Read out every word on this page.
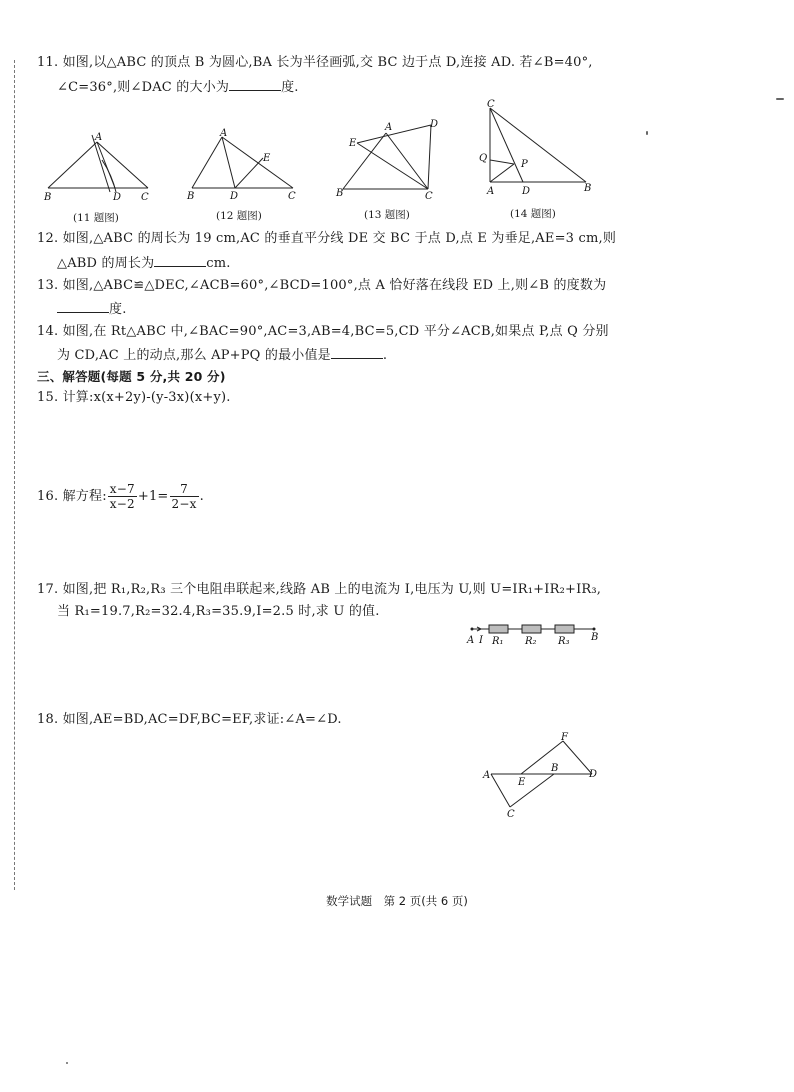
11. 如图,以△ABC 的顶点 B 为圆心,BA 长为半径画弧,交 BC 边于点 D,连接 AD. 若∠B=40°,
∠C=36°,则∠DAC 的大小为	度.
A
B	D C
(11 题图)
A
E
B	D	C
(12 题图)
A	D
E
B	C
(13 题图)
C
Q
P
A	D	B
(14 题图)
12. 如图,△ABC 的周长为 19 cm,AC 的垂直平分线 DE 交 BC 于点 D,点 E 为垂足,AE=3 cm,则
△ABD 的周长为	cm.
13. 如图,△ABC≌△DEC,∠ACB=60°,∠BCD=100°,点 A 恰好落在线段 ED 上,则∠B 的度数为
度.
14. 如图,在 Rt△ABC 中,∠BAC=90°,AC=3,AB=4,BC=5,CD 平分∠ACB,如果点 P,点 Q 分别
为 CD,AC 上的动点,那么 AP+PQ 的最小值是	.
三、解答题(每题 5 分,共 20 分)
15. 计算:x(x+2y)-(y-3x)(x+y).
16. 解方程: $\frac{x-7}{x-2} +1= \frac{7}{2-x}$ .
17. 如图,把 R₁,R₂,R₃ 三个电阻串联起来,线路 AB 上的电流为 I,电压为 U,则 U=IR₁+IR₂+IR₃,
当 R₁=19.7,R₂=32.4,R₃=35.9,I=2.5 时,求 U 的值.
A I R₁ R₂ R₃ B
18. 如图,AE=BD,AC=DF,BC=EF,求证:∠A=∠D.
F
A
B
E
D
C
数学试题　第 2 页(共 6 页)
